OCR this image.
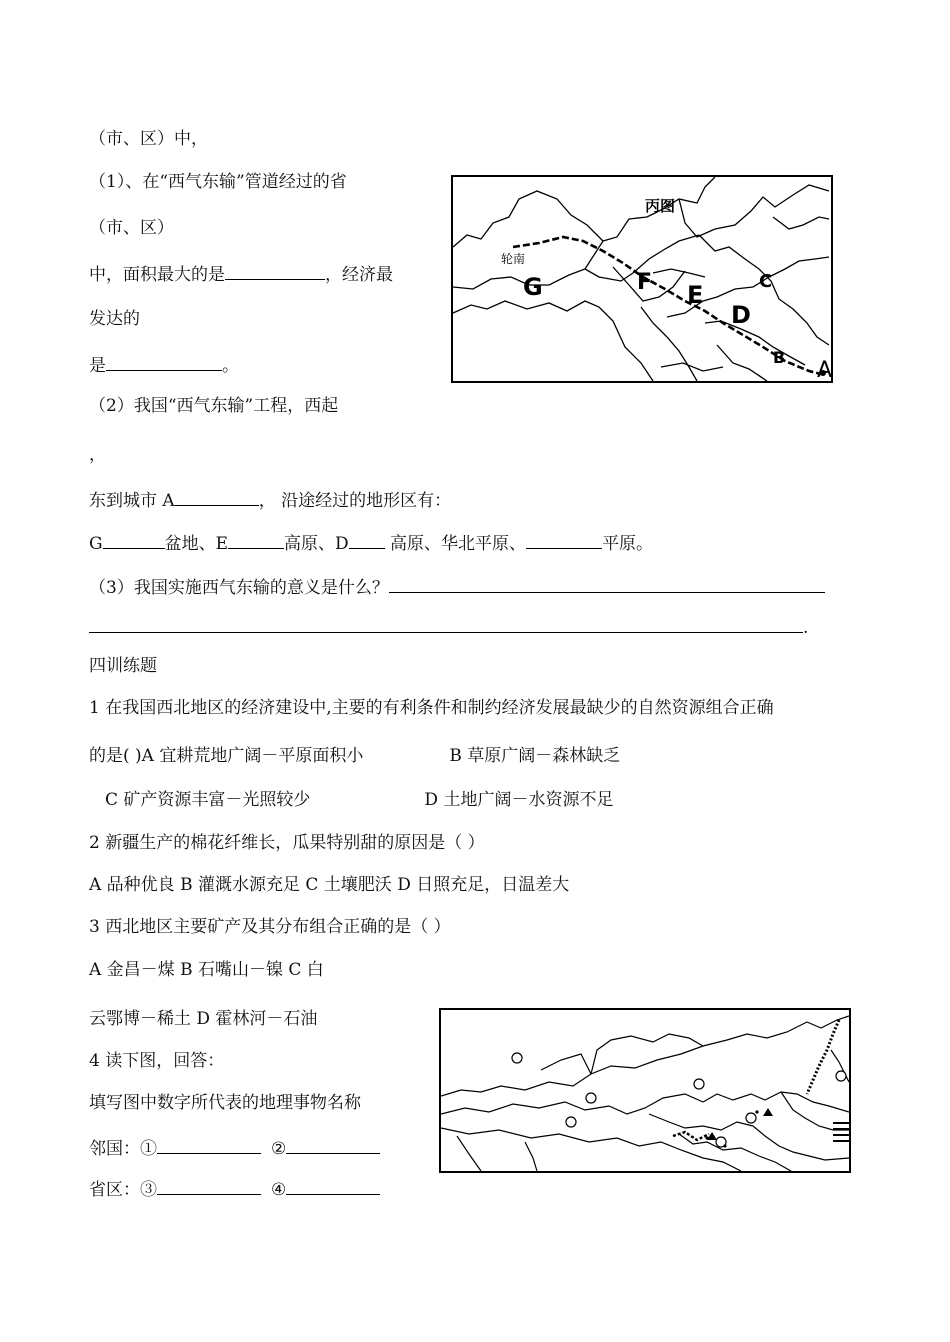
（市、区）中，
（1）、在“西气东输”管道经过的省
（市、区）
中，面积最大的是	，经济最
发达的
是	。
（2）我国“西气东输”工程，西起
，
东到城市 A	， 沿途经过的地形区有：
G	盆地、E	高原、D 高原、华北平原、	平原。
（3）我国实施西气东输的意义是什么？
.
丙图
轮南
G	F E
D
C
B
A
四训练题
1 在我国西北地区的经济建设中,主要的有利条件和制约经济发展最缺少的自然资源组合正确
的是( )A 宜耕荒地广阔－平原面积小	B 草原广阔－森林缺乏
C 矿产资源丰富－光照较少	D 土地广阔－水资源不足
2 新疆生产的棉花纤维长，瓜果特别甜的原因是（ ）
A 品种优良 B 灌溉水源充足 C 土壤肥沃 D 日照充足，日温差大
3 西北地区主要矿产及其分布组合正确的是（ ）
A 金昌－煤 B 石嘴山－镍 C 白
云鄂博－稀土 D 霍林河－石油
4 读下图，回答：
填写图中数字所代表的地理事物名称
邻国：①	②
省区：③	④
